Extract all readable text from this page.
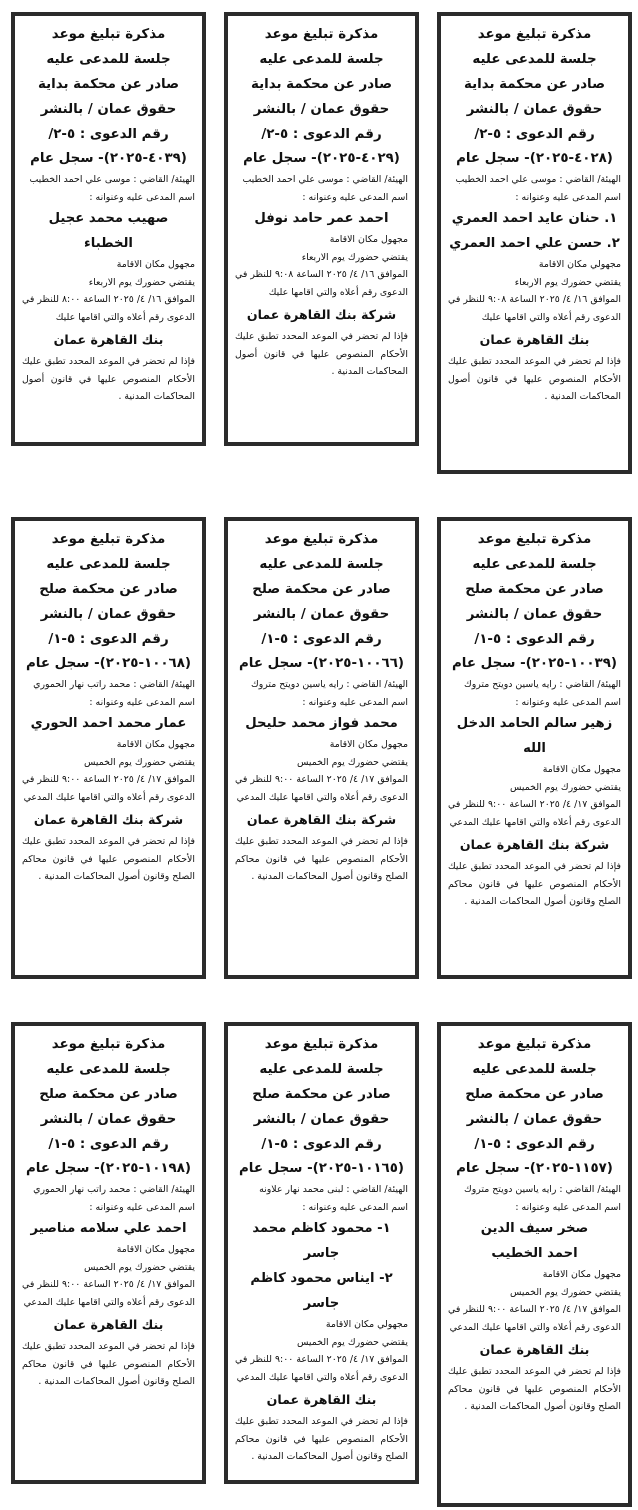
مذكرة تبليغ موعد
جلسة للمدعى عليه
صادر عن محكمة بداية
حقوق عمان / بالنشر
رقم الدعوى : ٥-٢/
(٤٠٢٨-٢٠٢٥)- سجل عام
الهيئة/ القاضي : موسى علي احمد الخطيب
اسم المدعى عليه وعنوانه :
١. حنان عايد احمد العمري
٢. حسن علي احمد العمري
مجهولي مكان الاقامة
يقتضي حضورك يوم الاربعاء
الموافق ١٦/ ٤/ ٢٠٢٥ الساعة ٩:٠٨ للنظر في الدعوى رقم أعلاه والتي اقامها عليك
بنك القاهرة عمان
فإذا لم تحضر في الموعد المحدد تطبق عليك الأحكام المنصوص عليها في قانون أصول المحاكمات المدنية .
مذكرة تبليغ موعد
جلسة للمدعى عليه
صادر عن محكمة بداية
حقوق عمان / بالنشر
رقم الدعوى : ٥-٢/
(٤٠٢٩-٢٠٢٥)- سجل عام
الهيئة/ القاضي : موسى علي احمد الخطيب
اسم المدعى عليه وعنوانه :
احمد عمر حامد نوفل
مجهول مكان الاقامة
يقتضي حضورك يوم الاربعاء
الموافق ١٦/ ٤/ ٢٠٢٥ الساعة ٩:٠٨ للنظر في الدعوى رقم أعلاه والتي اقامها عليك
شركة بنك القاهرة عمان
فإذا لم تحضر في الموعد المحدد تطبق عليك الأحكام المنصوص عليها في قانون أصول المحاكمات المدنية .
مذكرة تبليغ موعد
جلسة للمدعى عليه
صادر عن محكمة بداية
حقوق عمان / بالنشر
رقم الدعوى : ٥-٢/
(٤٠٣٩-٢٠٢٥)- سجل عام
الهيئة/ القاضي : موسى علي احمد الخطيب
اسم المدعى عليه وعنوانه :
صهيب محمد عجيل الخطباء
مجهول مكان الاقامة
يقتضي حضورك يوم الاربعاء
الموافق ١٦/ ٤/ ٢٠٢٥ الساعة ٨:٠٠ للنظر في الدعوى رقم أعلاه والتي اقامها عليك
بنك القاهرة عمان
فإذا لم تحضر في الموعد المحدد تطبق عليك الأحكام المنصوص عليها في قانون أصول المحاكمات المدنية .
مذكرة تبليغ موعد
جلسة للمدعى عليه
صادر عن محكمة صلح
حقوق عمان / بالنشر
رقم الدعوى : ٥-١/
(١٠٠٣٩-٢٠٢٥)- سجل عام
الهيئة/ القاضي : رايه ياسين دويتح متروك
اسم المدعى عليه وعنوانه :
زهير سالم الحامد الدخل الله
مجهول مكان الاقامة
يقتضي حضورك يوم الخميس
الموافق ١٧/ ٤/ ٢٠٢٥ الساعة ٩:٠٠ للنظر في الدعوى رقم أعلاه والتي اقامها عليك المدعي
شركة بنك القاهرة عمان
فإذا لم تحضر في الموعد المحدد تطبق عليك الأحكام المنصوص عليها في قانون محاكم الصلح وقانون أصول المحاكمات المدنية .
مذكرة تبليغ موعد
جلسة للمدعى عليه
صادر عن محكمة صلح
حقوق عمان / بالنشر
رقم الدعوى : ٥-١/
(١٠٠٦٦-٢٠٢٥)- سجل عام
الهيئة/ القاضي : رايه ياسين دويتح متروك
اسم المدعى عليه وعنوانه :
محمد فواز محمد حليحل
مجهول مكان الاقامة
يقتضي حضورك يوم الخميس
الموافق ١٧/ ٤/ ٢٠٢٥ الساعة ٩:٠٠ للنظر في الدعوى رقم أعلاه والتي اقامها عليك المدعي
شركة بنك القاهرة عمان
فإذا لم تحضر في الموعد المحدد تطبق عليك الأحكام المنصوص عليها في قانون محاكم الصلح وقانون أصول المحاكمات المدنية .
مذكرة تبليغ موعد
جلسة للمدعى عليه
صادر عن محكمة صلح
حقوق عمان / بالنشر
رقم الدعوى : ٥-١/
(١٠٠٦٨-٢٠٢٥)- سجل عام
الهيئة/ القاضي : محمد راتب نهار الحموري
اسم المدعى عليه وعنوانه :
عمار محمد احمد الحوري
مجهول مكان الاقامة
يقتضي حضورك يوم الخميس
الموافق ١٧/ ٤/ ٢٠٢٥ الساعة ٩:٠٠ للنظر في الدعوى رقم أعلاه والتي اقامها عليك المدعي
شركة بنك القاهرة عمان
فإذا لم تحضر في الموعد المحدد تطبق عليك الأحكام المنصوص عليها في قانون محاكم الصلح وقانون أصول المحاكمات المدنية .
مذكرة تبليغ موعد
جلسة للمدعى عليه
صادر عن محكمة صلح
حقوق عمان / بالنشر
رقم الدعوى : ٥-١/
(١١٥٧-٢٠٢٥)- سجل عام
الهيئة/ القاضي : رايه ياسين دويتح متروك
اسم المدعى عليه وعنوانه :
صخر سيف الدين
احمد الخطيب
مجهول مكان الاقامة
يقتضي حضورك يوم الخميس
الموافق ١٧/ ٤/ ٢٠٢٥ الساعة ٩:٠٠ للنظر في الدعوى رقم أعلاه والتي اقامها عليك المدعي
بنك القاهرة عمان
فإذا لم تحضر في الموعد المحدد تطبق عليك الأحكام المنصوص عليها في قانون محاكم الصلح وقانون أصول المحاكمات المدنية .
مذكرة تبليغ موعد
جلسة للمدعى عليه
صادر عن محكمة صلح
حقوق عمان / بالنشر
رقم الدعوى : ٥-١/
(١٠١٦٥-٢٠٢٥)- سجل عام
الهيئة/ القاضي : لبنى محمد نهار علاونه
اسم المدعى عليه وعنوانه :
١- محمود كاظم محمد جاسر
٢- ايناس محمود كاظم جاسر
مجهولي مكان الاقامة
يقتضي حضورك يوم الخميس
الموافق ١٧/ ٤/ ٢٠٢٥ الساعة ٩:٠٠ للنظر في الدعوى رقم أعلاه والتي اقامها عليك المدعي
بنك القاهرة عمان
فإذا لم تحضر في الموعد المحدد تطبق عليك الأحكام المنصوص عليها في قانون محاكم الصلح وقانون أصول المحاكمات المدنية .
مذكرة تبليغ موعد
جلسة للمدعى عليه
صادر عن محكمة صلح
حقوق عمان / بالنشر
رقم الدعوى : ٥-١/
(١٠١٩٨-٢٠٢٥)- سجل عام
الهيئة/ القاضي : محمد راتب نهار الحموري
اسم المدعى عليه وعنوانه :
احمد علي سلامه مناصير
مجهول مكان الاقامة
يقتضي حضورك يوم الخميس
الموافق ١٧/ ٤/ ٢٠٢٥ الساعة ٩:٠٠ للنظر في الدعوى رقم أعلاه والتي اقامها عليك المدعي
بنك القاهرة عمان
فإذا لم تحضر في الموعد المحدد تطبق عليك الأحكام المنصوص عليها في قانون محاكم الصلح وقانون أصول المحاكمات المدنية .
